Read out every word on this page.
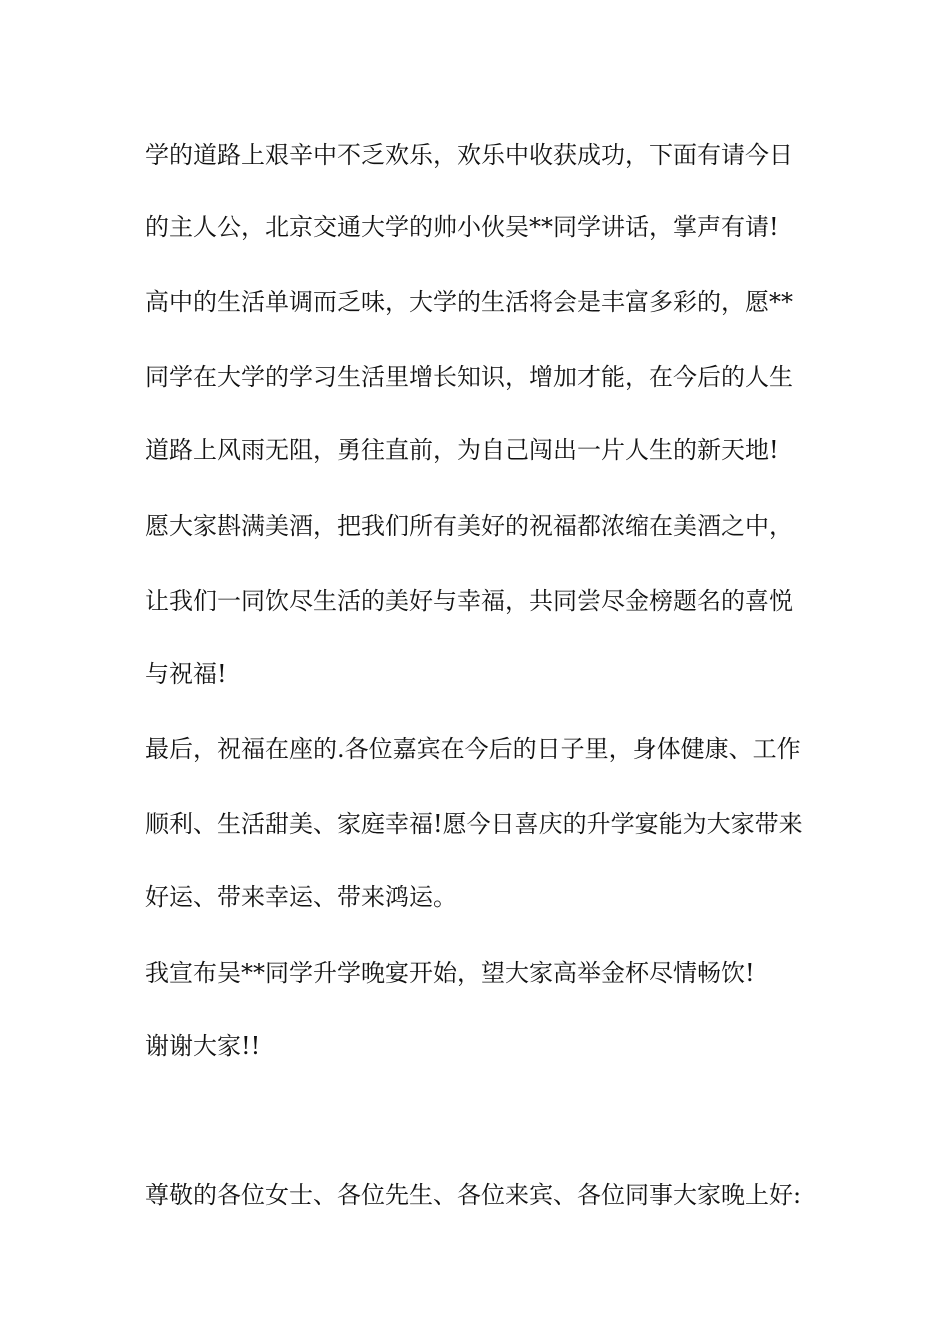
学的道路上艰辛中不乏欢乐，欢乐中收获成功，下面有请今日
的主人公，北京交通大学的帅小伙吴**同学讲话，掌声有请!
高中的生活单调而乏味，大学的生活将会是丰富多彩的，愿**
同学在大学的学习生活里增长知识，增加才能，在今后的人生
道路上风雨无阻，勇往直前，为自己闯出一片人生的新天地!
愿大家斟满美酒，把我们所有美好的祝福都浓缩在美酒之中，
让我们一同饮尽生活的美好与幸福，共同尝尽金榜题名的喜悦
与祝福!
最后，祝福在座的.各位嘉宾在今后的日子里，身体健康、工作
顺利、生活甜美、家庭幸福!愿今日喜庆的升学宴能为大家带来
好运、带来幸运、带来鸿运。
我宣布吴**同学升学晚宴开始，望大家高举金杯尽情畅饮!
谢谢大家!!
尊敬的各位女士、各位先生、各位来宾、各位同事大家晚上好:
